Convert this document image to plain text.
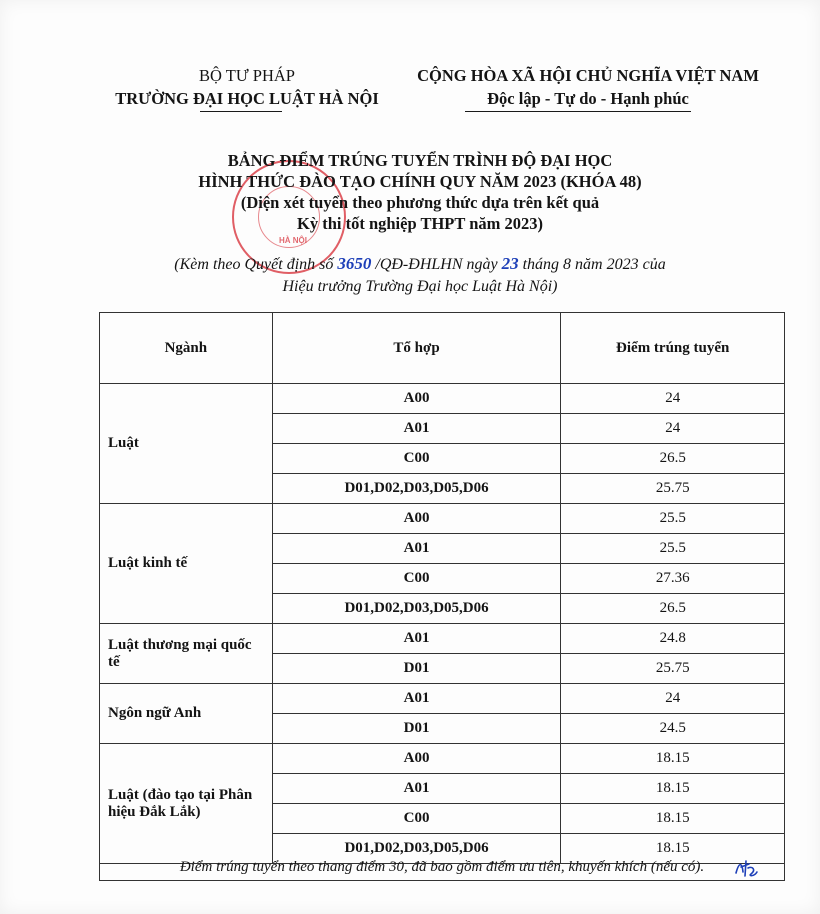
BỘ TƯ PHÁP
TRƯỜNG ĐẠI HỌC LUẬT HÀ NỘI
CỘNG HÒA XÃ HỘI CHỦ NGHĨA VIỆT NAM
Độc lập - Tự do - Hạnh phúc
HÀ NỘI
BẢNG ĐIỂM TRÚNG TUYỂN TRÌNH ĐỘ ĐẠI HỌC
HÌNH THỨC ĐÀO TẠO CHÍNH QUY NĂM 2023 (KHÓA 48)
(Diện xét tuyển theo phương thức dựa trên kết quả
Kỳ thi tốt nghiệp THPT năm 2023)
(Kèm theo Quyết định số 3650 /QĐ-ĐHLHN ngày 23 tháng 8 năm 2023 của
Hiệu trưởng Trường Đại học Luật Hà Nội)
Ngành	Tổ hợp	Điểm trúng tuyển
Luật	A00	24
	A01	24
	C00	26.5
	D01,D02,D03,D05,D06	25.75
Luật kinh tế	A00	25.5
	A01	25.5
	C00	27.36
	D01,D02,D03,D05,D06	26.5
Luật thương mại quốc tế	A01	24.8
	D01	25.75
Ngôn ngữ Anh	A01	24
	D01	24.5
Luật (đào tạo tại Phân hiệu Đắk Lắk)	A00	18.15
	A01	18.15
	C00	18.15
	D01,D02,D03,D05,D06	18.15
Điểm trúng tuyển theo thang điểm 30, đã bao gồm điểm ưu tiên, khuyến khích (nếu có).
